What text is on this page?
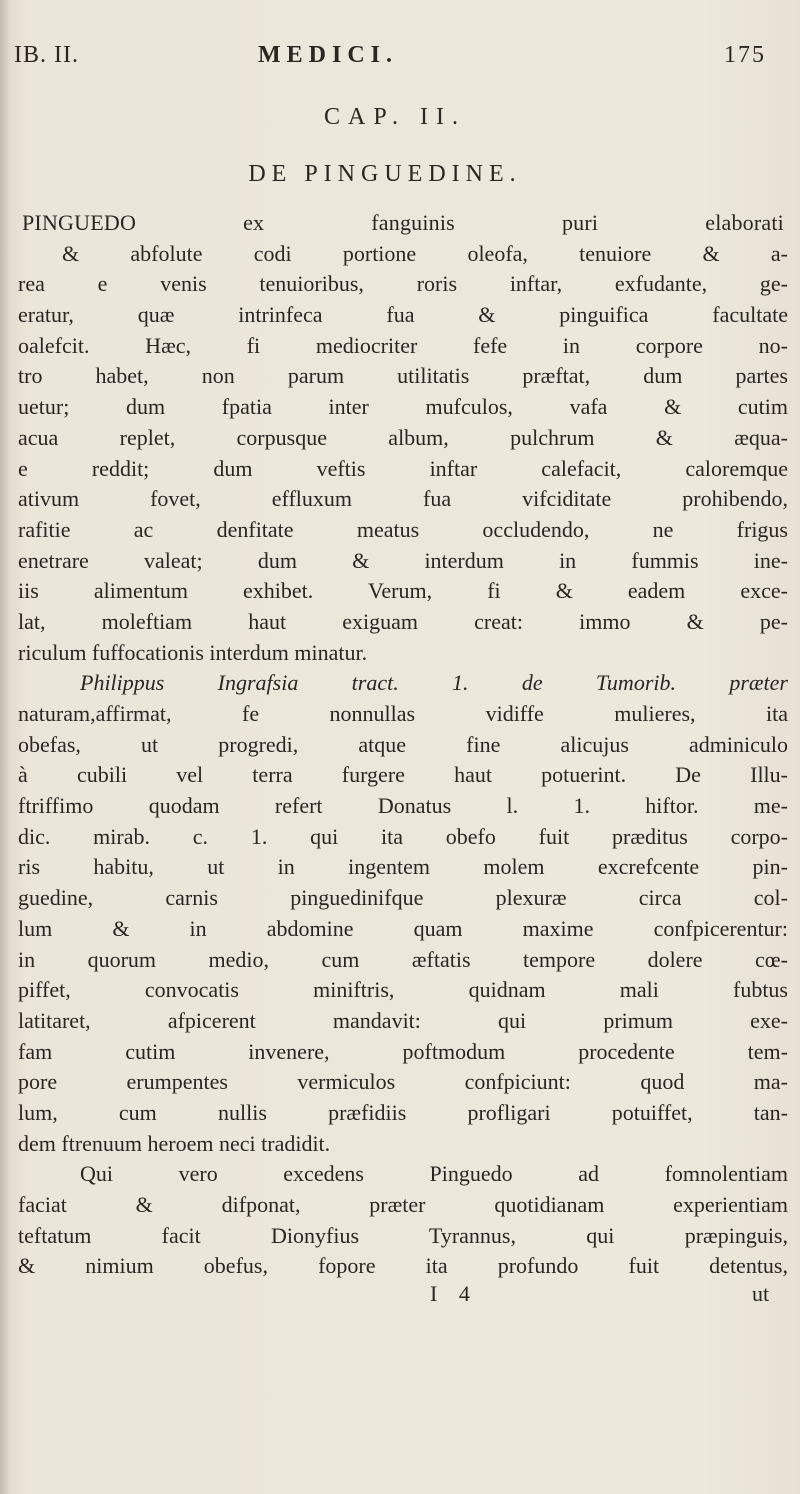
IB. II.	MEDICI.	175
CAP. II.
DE PINGUEDINE.
PINGUEDO ex fanguinis puri elaborati
& abfolute codi portione oleofa, tenuiore & a-
rea e venis tenuioribus, roris inftar, exfudante, ge-
eratur, quæ intrinfeca fua & pinguifica facultate
oalefcit. Hæc, fi mediocriter fefe in corpore no-
tro habet, non parum utilitatis præftat, dum partes
uetur; dum fpatia inter mufculos, vafa & cutim
acua replet, corpusque album, pulchrum & æqua-
e reddit; dum veftis inftar calefacit, caloremque
ativum fovet, effluxum fua vifciditate prohibendo,
rafitie ac denfitate meatus occludendo, ne frigus
enetrare valeat; dum & interdum in fummis ine-
iis alimentum exhibet. Verum, fi & eadem exce-
lat, moleftiam haut exiguam creat: immo & pe-
riculum fuffocationis interdum minatur.
Philippus Ingrafsia tract. 1. de Tumorib. præter
naturam,affirmat, fe nonnullas vidiffe mulieres, ita
obefas, ut progredi, atque fine alicujus adminiculo
à cubili vel terra furgere haut potuerint. De Illu-
ftriffimo quodam refert Donatus l. 1. hiftor. me-
dic. mirab. c. 1. qui ita obefo fuit præditus corpo-
ris habitu, ut in ingentem molem excrefcente pin-
guedine, carnis pinguedinifque plexuræ circa col-
lum & in abdomine quam maxime confpicerentur:
in quorum medio, cum æftatis tempore dolere cœ-
piffet, convocatis miniftris, quidnam mali fubtus
latitaret, afpicerent mandavit: qui primum exe-
fam cutim invenere, poftmodum procedente tem-
pore erumpentes vermiculos confpiciunt: quod ma-
lum, cum nullis præfidiis profligari potuiffet, tan-
dem ftrenuum heroem neci tradidit.
Qui vero excedens Pinguedo ad fomnolentiam
faciat & difponat, præter quotidianam experientiam
teftatum facit Dionyfius Tyrannus, qui præpinguis,
& nimium obefus, fopore ita profundo fuit detentus,
I 4	ut
